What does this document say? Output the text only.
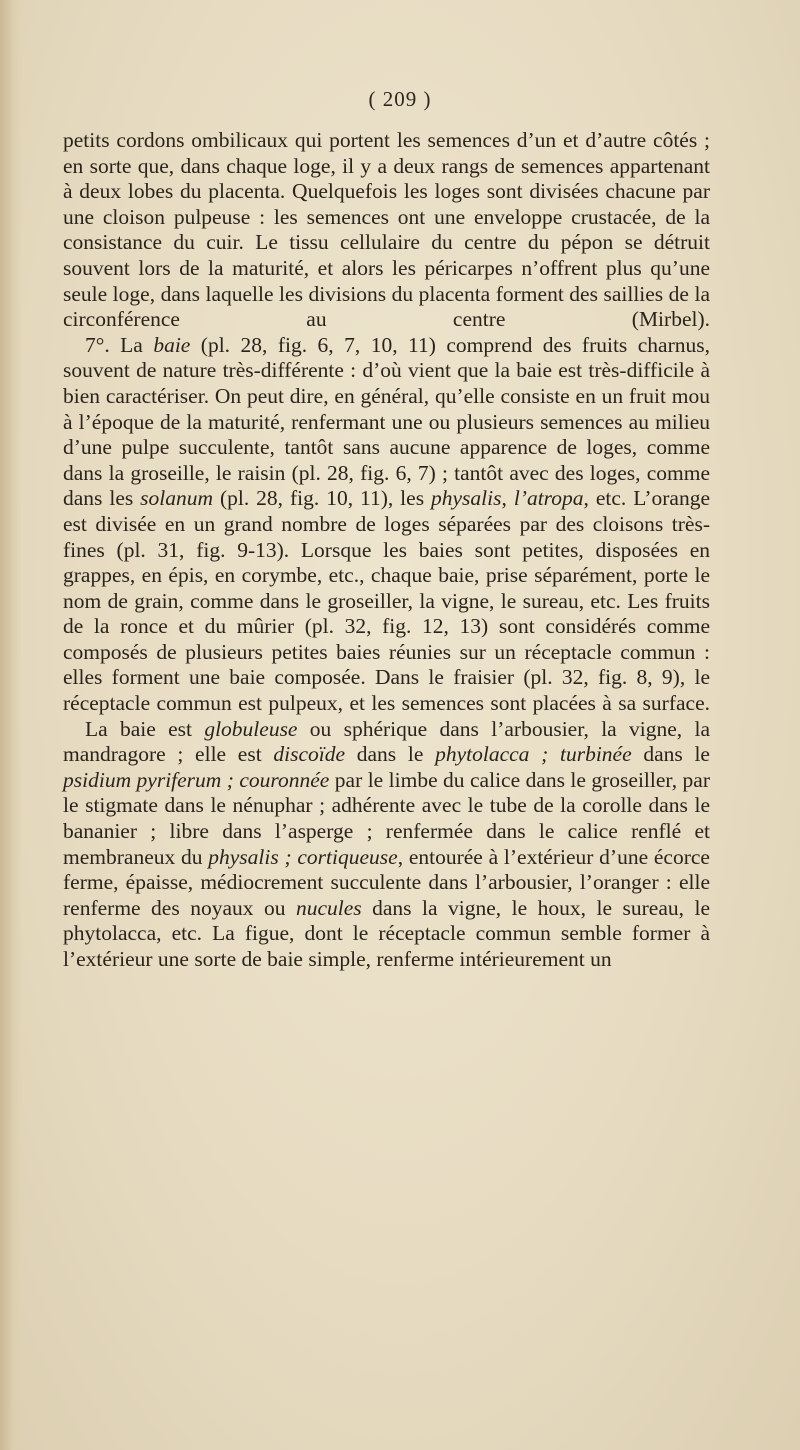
( 209 )

petits cordons ombilicaux qui portent les semences d’un et d’autre côtés ; en sorte que, dans chaque loge, il y a deux rangs de semences appartenant à deux lobes du placenta. Quelquefois les loges sont divisées chacune par une cloison pulpeuse : les semences ont une enveloppe crustacée, de la consistance du cuir. Le tissu cellulaire du centre du pépon se détruit souvent lors de la maturité, et alors les péricarpes n’offrent plus qu’une seule loge, dans laquelle les divisions du placenta forment des saillies de la circonférence au centre (Mirbel).

7°. La baie (pl. 28, fig. 6, 7, 10, 11) comprend des fruits charnus, souvent de nature très-différente : d’où vient que la baie est très-difficile à bien caractériser. On peut dire, en général, qu’elle consiste en un fruit mou à l’époque de la maturité, renfermant une ou plusieurs semences au milieu d’une pulpe succulente, tantôt sans aucune apparence de loges, comme dans la groseille, le raisin (pl. 28, fig. 6, 7) ; tantôt avec des loges, comme dans les solanum (pl. 28, fig. 10, 11), les physalis, l’atropa, etc. L’orange est divisée en un grand nombre de loges séparées par des cloisons très-fines (pl. 31, fig. 9-13). Lorsque les baies sont petites, disposées en grappes, en épis, en corymbe, etc., chaque baie, prise séparément, porte le nom de grain, comme dans le groseiller, la vigne, le sureau, etc. Les fruits de la ronce et du mûrier (pl. 32, fig. 12, 13) sont considérés comme composés de plusieurs petites baies réunies sur un réceptacle commun : elles forment une baie composée. Dans le fraisier (pl. 32, fig. 8, 9), le réceptacle commun est pulpeux, et les semences sont placées à sa surface.

La baie est globuleuse ou sphérique dans l’arbousier, la vigne, la mandragore ; elle est discoïde dans le phytolacca ; turbinée dans le psidium pyriferum ; couronnée par le limbe du calice dans le groseiller, par le stigmate dans le nénuphar ; adhérente avec le tube de la corolle dans le bananier ; libre dans l’asperge ; renfermée dans le calice renflé et membraneux du physalis ; cortiqueuse, entourée à l’extérieur d’une écorce ferme, épaisse, médiocrement succulente dans l’arbousier, l’oranger : elle renferme des noyaux ou nucules dans la vigne, le houx, le sureau, le phytolacca, etc. La figue, dont le réceptacle commun semble former à l’extérieur une sorte de baie simple, renferme intérieurement un
